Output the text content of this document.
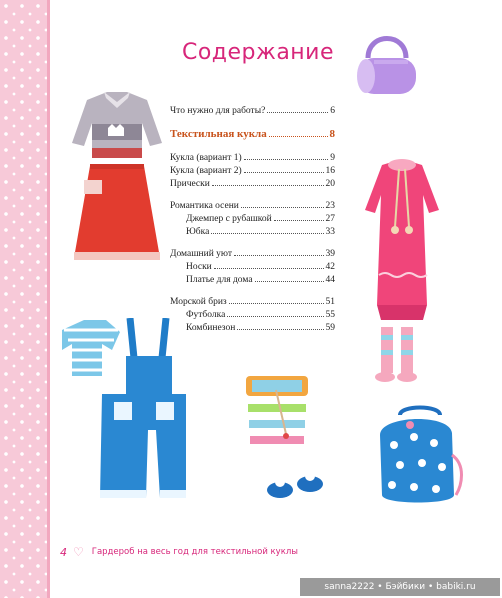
Содержание
Что нужно для работы?	6
Текстильная кукла	8
Кукла (вариант 1)	9
Кукла (вариант 2)	16
Прически	20
Романтика осени	23
Джемпер с рубашкой	27
Юбка	33
Домашний уют	39
Носки	42
Платье для дома	44
Морской бриз	51
Футболка	55
Комбинезон	59
4 ♡ Гардероб на весь год для текстильной куклы
sanna2222 • Бэйбики • babiki.ru
